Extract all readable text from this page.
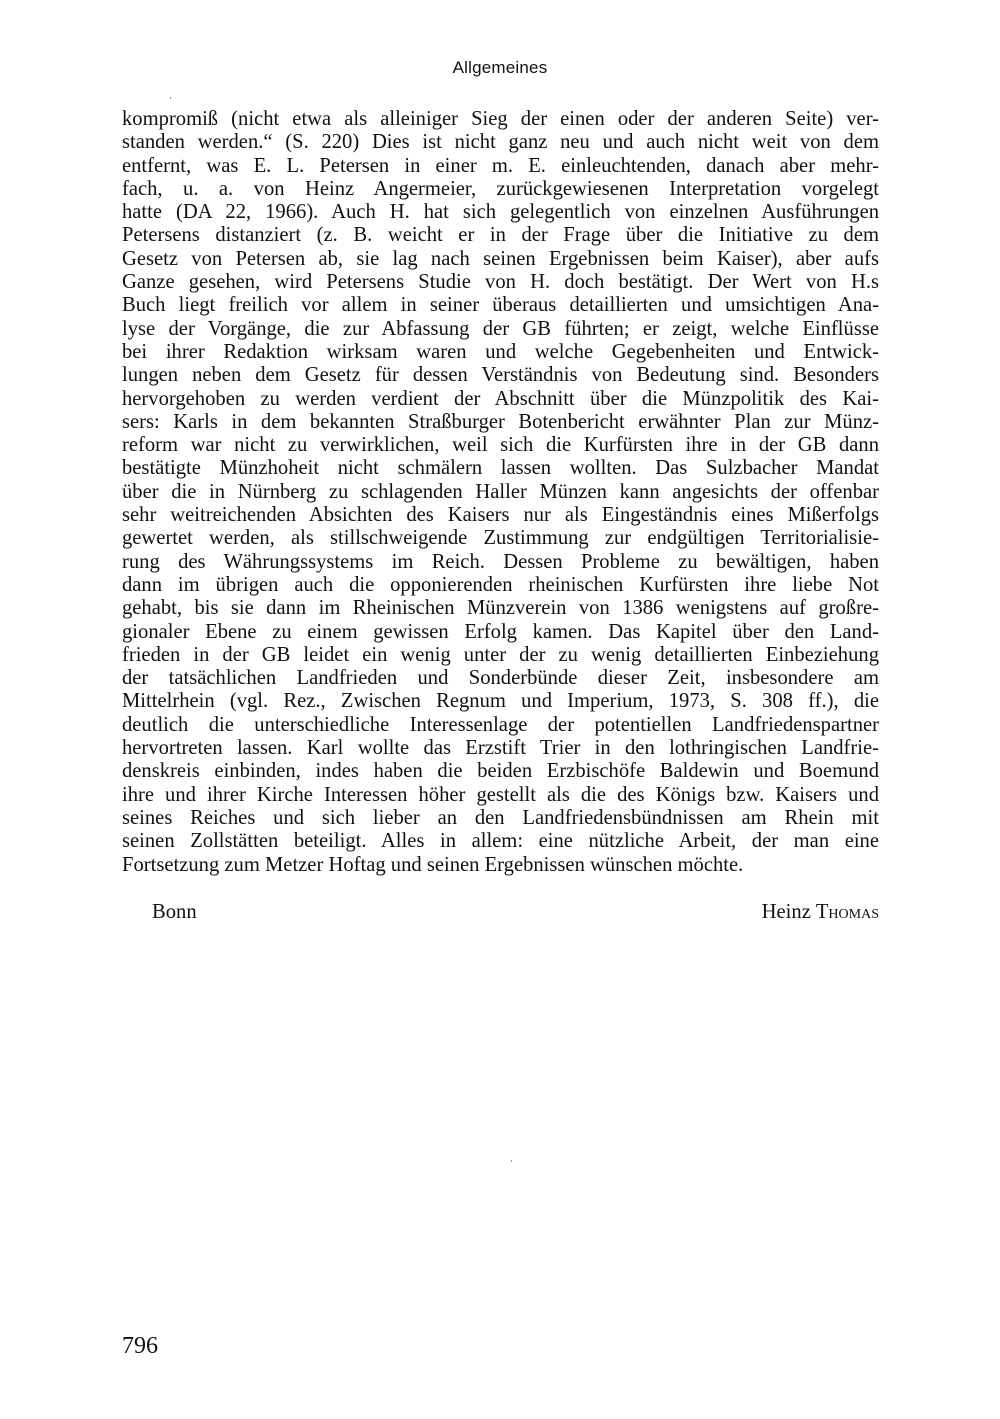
Allgemeines
kompromiß (nicht etwa als alleiniger Sieg der einen oder der anderen Seite) ver-
standen werden.“ (S. 220) Dies ist nicht ganz neu und auch nicht weit von dem
entfernt, was E. L. Petersen in einer m. E. einleuchtenden, danach aber mehr-
fach, u. a. von Heinz Angermeier, zurückgewiesenen Interpretation vorgelegt
hatte (DA 22, 1966). Auch H. hat sich gelegentlich von einzelnen Ausführungen
Petersens distanziert (z. B. weicht er in der Frage über die Initiative zu dem
Gesetz von Petersen ab, sie lag nach seinen Ergebnissen beim Kaiser), aber aufs
Ganze gesehen, wird Petersens Studie von H. doch bestätigt. Der Wert von H.s
Buch liegt freilich vor allem in seiner überaus detaillierten und umsichtigen Ana-
lyse der Vorgänge, die zur Abfassung der GB führten; er zeigt, welche Einflüsse
bei ihrer Redaktion wirksam waren und welche Gegebenheiten und Entwick-
lungen neben dem Gesetz für dessen Verständnis von Bedeutung sind. Besonders
hervorgehoben zu werden verdient der Abschnitt über die Münzpolitik des Kai-
sers: Karls in dem bekannten Straßburger Botenbericht erwähnter Plan zur Münz-
reform war nicht zu verwirklichen, weil sich die Kurfürsten ihre in der GB dann
bestätigte Münzhoheit nicht schmälern lassen wollten. Das Sulzbacher Mandat
über die in Nürnberg zu schlagenden Haller Münzen kann angesichts der offenbar
sehr weitreichenden Absichten des Kaisers nur als Eingeständnis eines Mißerfolgs
gewertet werden, als stillschweigende Zustimmung zur endgültigen Territorialisie-
rung des Währungssystems im Reich. Dessen Probleme zu bewältigen, haben
dann im übrigen auch die opponierenden rheinischen Kurfürsten ihre liebe Not
gehabt, bis sie dann im Rheinischen Münzverein von 1386 wenigstens auf großre-
gionaler Ebene zu einem gewissen Erfolg kamen. Das Kapitel über den Land-
frieden in der GB leidet ein wenig unter der zu wenig detaillierten Einbeziehung
der tatsächlichen Landfrieden und Sonderbünde dieser Zeit, insbesondere am
Mittelrhein (vgl. Rez., Zwischen Regnum und Imperium, 1973, S. 308 ff.), die
deutlich die unterschiedliche Interessenlage der potentiellen Landfriedenspartner
hervortreten lassen. Karl wollte das Erzstift Trier in den lothringischen Landfrie-
denskreis einbinden, indes haben die beiden Erzbischöfe Baldewin und Boemund
ihre und ihrer Kirche Interessen höher gestellt als die des Königs bzw. Kaisers und
seines Reiches und sich lieber an den Landfriedensbündnissen am Rhein mit
seinen Zollstätten beteiligt. Alles in allem: eine nützliche Arbeit, der man eine
Fortsetzung zum Metzer Hoftag und seinen Ergebnissen wünschen möchte.
Bonn	Heinz Thomas
796
